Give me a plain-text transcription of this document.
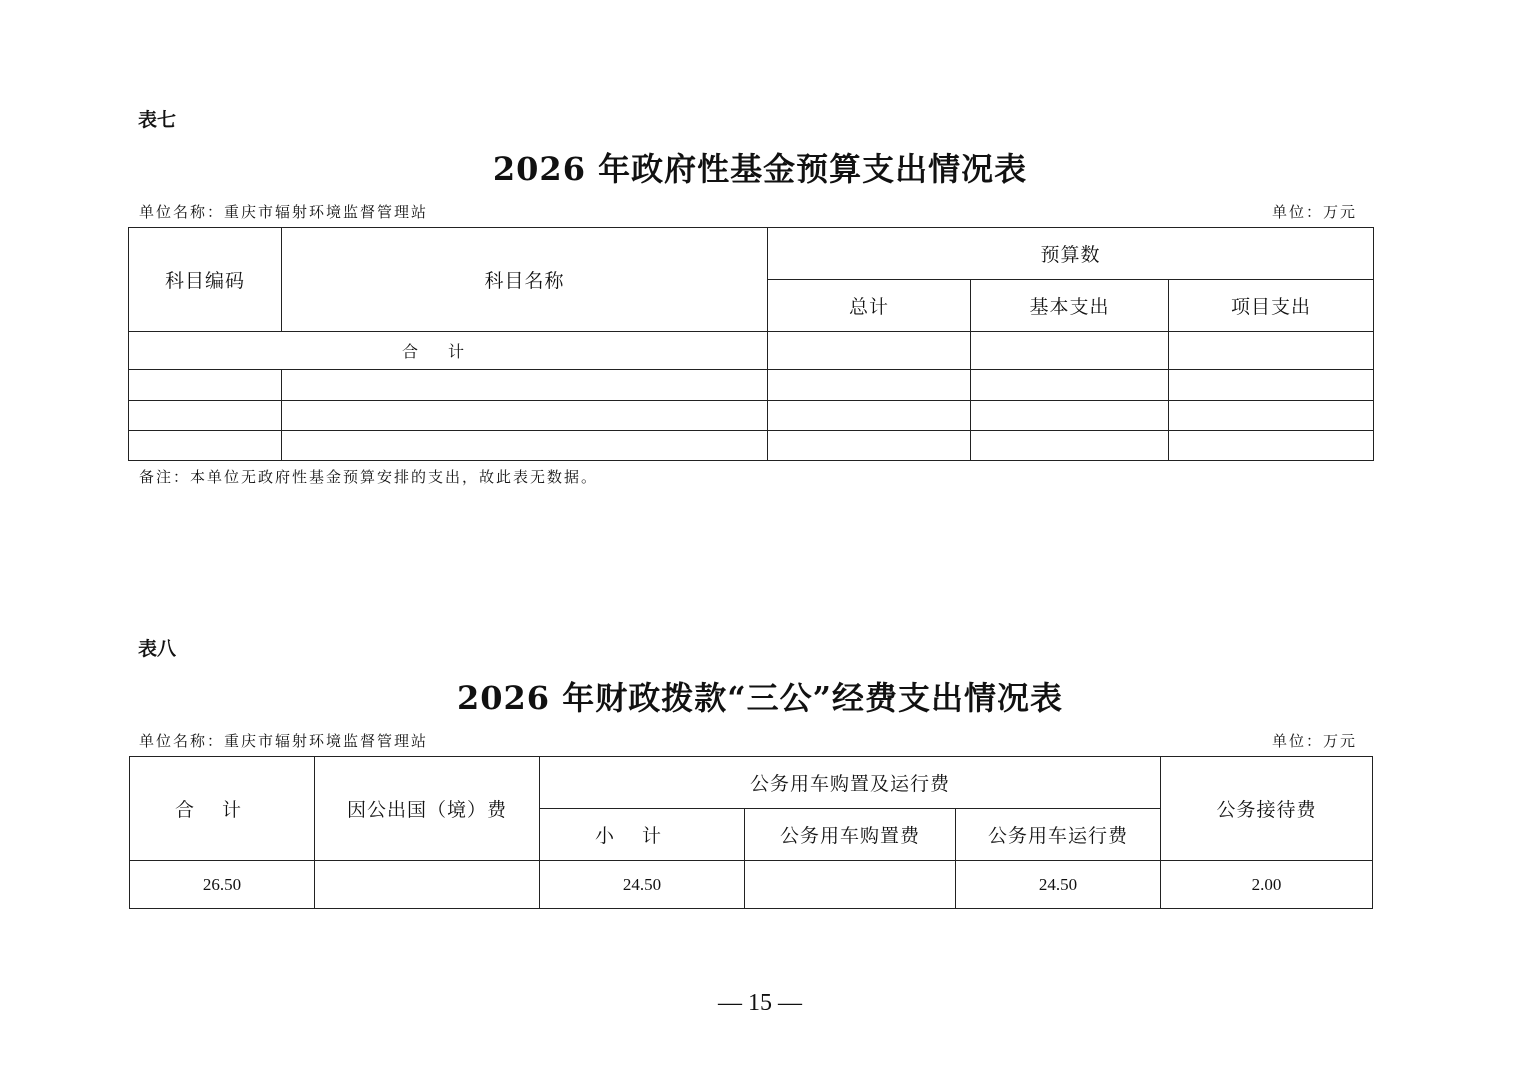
表七
2026 年政府性基金预算支出情况表
单位名称：重庆市辐射环境监督管理站	单位：万元
科目编码	科目名称	预算数		
		总计	基本支出	项目支出
合计				

备注：本单位无政府性基金预算安排的支出，故此表无数据。
表八
2026 年财政拨款“三公”经费支出情况表
单位名称：重庆市辐射环境监督管理站	单位：万元
合计	因公出国（境）费	公务用车购置及运行费			公务接待费
		小计	公务用车购置费	公务用车运行费	
26.50		24.50		24.50	2.00
— 15 —
